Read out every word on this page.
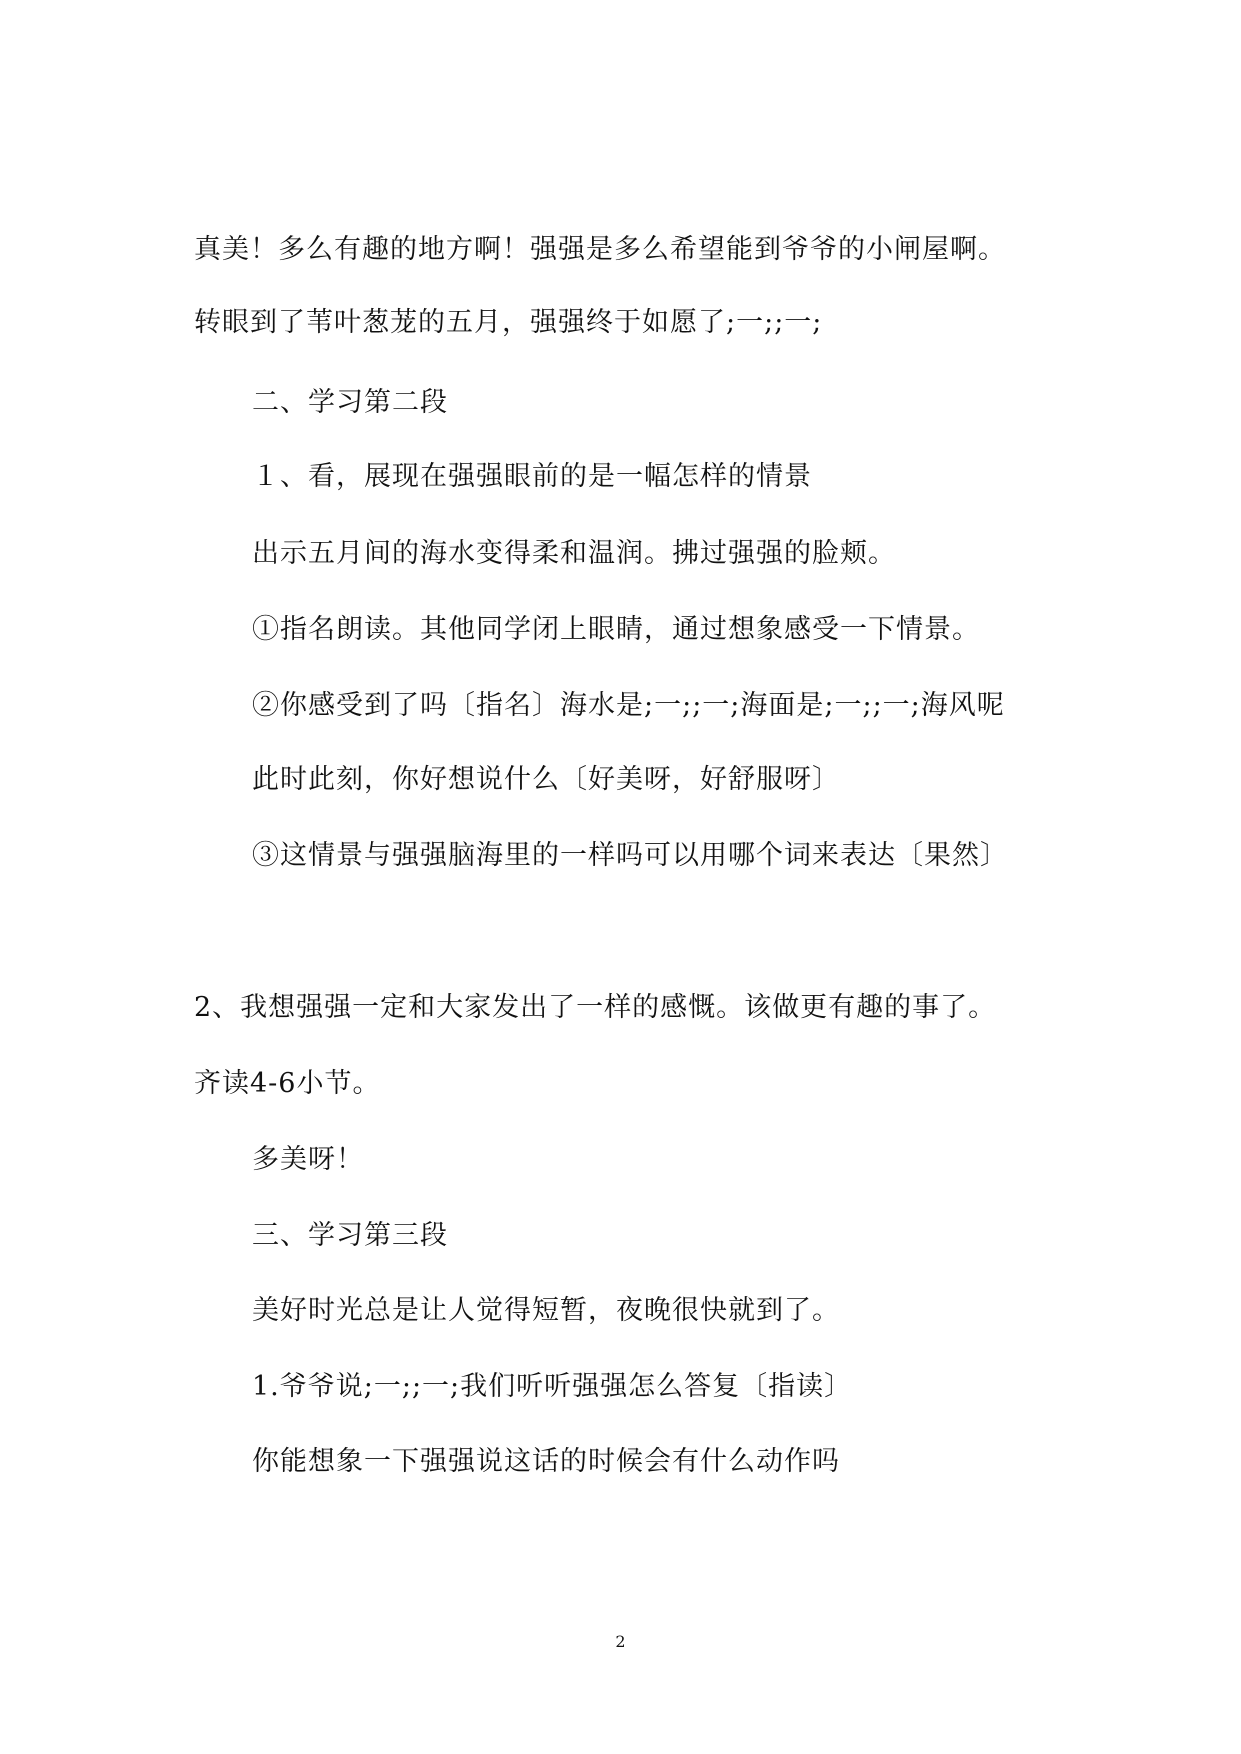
真美！多么有趣的地方啊！强强是多么希望能到爷爷的小闸屋啊。
转眼到了苇叶葱茏的五月，强强终于如愿了;一;;一;
二、学习第二段
１、看，展现在强强眼前的是一幅怎样的情景
出示五月间的海水变得柔和温润。拂过强强的脸颊。
①指名朗读。其他同学闭上眼睛，通过想象感受一下情景。
②你感受到了吗〔指名〕海水是;一;;一;海面是;一;;一;海风呢
此时此刻，你好想说什么〔好美呀，好舒服呀〕
③这情景与强强脑海里的一样吗可以用哪个词来表达〔果然〕
2、我想强强一定和大家发出了一样的感慨。该做更有趣的事了。
齐读4-6小节。
多美呀！
三、学习第三段
美好时光总是让人觉得短暂，夜晚很快就到了。
1.爷爷说;一;;一;我们听听强强怎么答复〔指读〕
你能想象一下强强说这话的时候会有什么动作吗
2
